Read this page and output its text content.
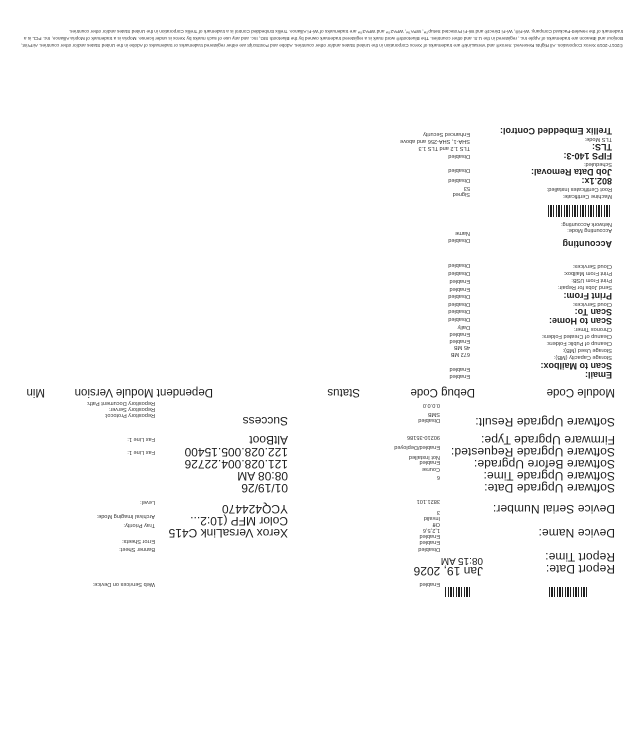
Report Date:
Report Time:
Device Name:
Device Serial Number:
Software Upgrade Date:
Software Upgrade Time:
Software Before Upgrade:
Software Upgrade Requested:
Firmware Upgrade Type:
Software Upgrade Result:
Jan 19, 2026
08:15 AM
Xerox VersaLink C415
Color MFP (10:2...
YCQ424470
01/19/26
08:08 AM
121.028.004.22726
122.028.005.15400
AltBoot
Success
Module Code
Debug Code
Status
Dependent Module
Version
Min
Web Services on Device:
Banner Sheet:
Error Sheets:
Tray Priority:
Archival Imaging Mode:
Level:
Fax Line 1:
Fax Line 1:
Repository Protocol:
Repository Server:
Repository Document Path:
Storage Capacity (MB):
Storage Used (MB):
Cleanup of Public Folders:
Cleanup of Created Folders:
Chronos Timer:
Cloud Services:
Send Jobs for Repair:
Print From USB:
Print From Mailbox:
Cloud Services:
Accounting Mode:
Network Accounting:
Machine Certificate:
Root Certificates Installed:
Scheduled:
TLS Mode:
Email:
Scan to Mailbox:
Scan to Home:
Scan To:
Print From:
Accounting
802.1x:
Job Data Removal:
FIPS 140-3:
TLS:
Trellix Embedded Control:
Enabled
Disabled
Enabled
Enabled
1,2,5,6
Off
Invalid
3
3821.101
6
Course
Enabled
Not Installed
Enabled/Deployed
90210-35186
Disabled
SMB
0.0.0.0
Enabled
Enabled
672 MB
45 MB
Enabled
Enabled
Daily
Disabled
Disabled
Disabled
Disabled
Enabled
Enabled
Disabled
Disabled
Disabled
Name
Signed
53
Disabled
Disabled
Disabled
TLS 1.2 and TLS 1.3
SHA-1, SHA-256 and above
Enhanced Security
©2017-2019 Xerox Corporation. All Rights Reserved. Xerox® and VersaLink® are trademarks of Xerox Corporation in the United States and/or other countries. Adobe and PostScript are either registered trademarks or trademarks of Adobe in the United States and/or other countries. AirPrint, Bonjour and iBeacon are trademarks of Apple Inc., registered in the U.S. and other countries. The Bluetooth® word mark is a registered trademark owned by the Bluetooth SIG, Inc. and any use of such marks by Xerox is under license. Mopria is a trademark of Mopria Alliance, Inc. PCL is a trademark of the Hewlett-Packard Company. Wi-Fi®, Wi-Fi Direct® and Wi-Fi Protected Setup™, WPA™, WPA2™ and WPA3™ are trademarks of Wi-Fi Alliance. Trellix Embedded Control is a trademark of Trellix Corporation in the United States and/or other countries.
